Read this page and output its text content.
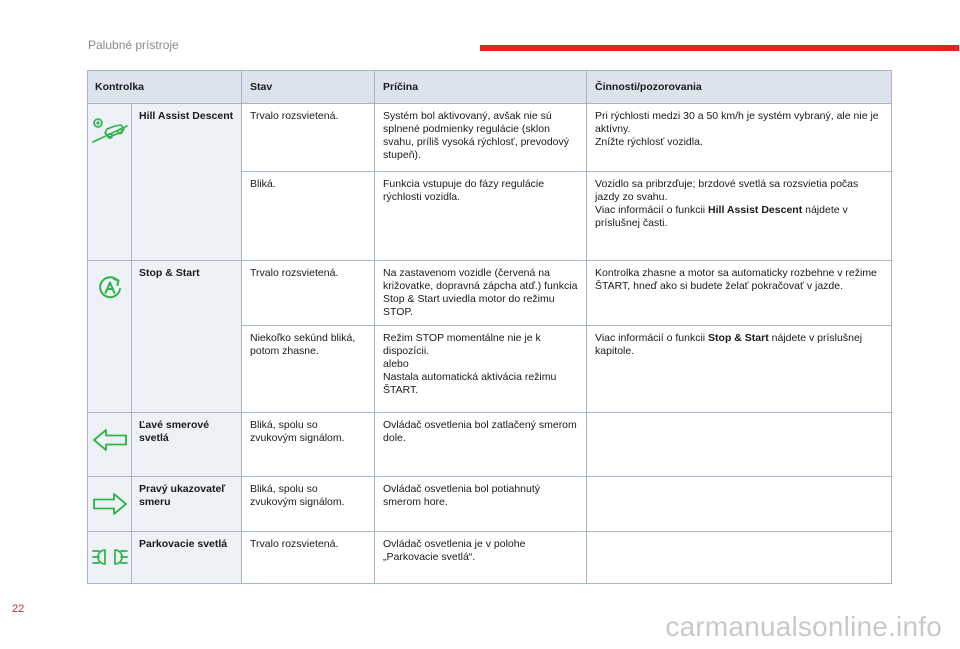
Palubné prístroje
Kontrolka		Stav	Príčina	Činnosti/pozorovania
	Hill Assist Descent	Trvalo rozsvietená.	Systém bol aktivovaný, avšak nie sú splnené podmienky regulácie (sklon svahu, príliš vysoká rýchlosť, prevodový stupeň).	Pri rýchlosti medzi 30 a 50 km/h je systém vybraný, ale nie je aktívny.
Znížte rýchlosť vozidla.

		Bliká.	Funkcia vstupuje do fázy regulácie rýchlosti vozidla.	Vozidlo sa pribrzďuje; brzdové svetlá sa rozsvietia počas jazdy zo svahu.
Viac informácií o funkcii Hill Assist Descent nájdete v príslušnej časti.
	Stop & Start	Trvalo rozsvietená.	Na zastavenom vozidle (červená na križovatke, dopravná zápcha atď.) funkcia Stop & Start uviedla motor do režimu STOP.	Kontrolka zhasne a motor sa automaticky rozbehne v režime ŠTART, hneď ako si budete želať pokračovať v jazde.
		Niekoľko sekúnd bliká, potom zhasne.	Režim STOP momentálne nie je k dispozícii.
alebo
Nastala automatická aktivácia režimu ŠTART.	Viac informácií o funkcii Stop & Start nájdete v príslušnej kapitole.
	Ľavé smerové svetlá	Bliká, spolu so zvukovým signálom.	Ovládač osvetlenia bol zatlačený smerom dole.	
	Pravý ukazovateľ smeru	Bliká, spolu so zvukovým signálom.	Ovládač osvetlenia bol potiahnutý smerom hore.	
	Parkovacie svetlá	Trvalo rozsvietená.	Ovládač osvetlenia je v polohe „Parkovacie svetlá“.	
22
carmanualsonline.info
